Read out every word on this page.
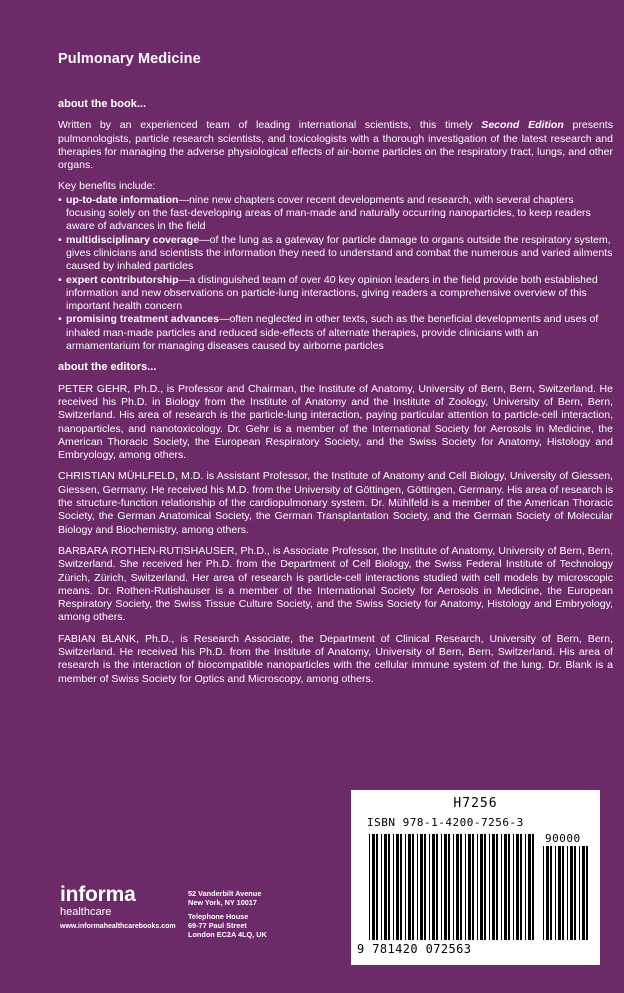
Pulmonary Medicine
about the book...

Written by an experienced team of leading international scientists, this timely Second Edition presents pulmonologists, particle research scientists, and toxicologists with a thorough investigation of the latest research and therapies for managing the adverse physiological effects of air-borne particles on the respiratory tract, lungs, and other organs.

Key benefits include:

• up-to-date information—nine new chapters cover recent developments and research, with several chapters focusing solely on the fast-developing areas of man-made and naturally occurring nanoparticles, to keep readers aware of advances in the field
• multidisciplinary coverage—of the lung as a gateway for particle damage to organs outside the respiratory system, gives clinicians and scientists the information they need to understand and combat the numerous and varied ailments caused by inhaled particles
• expert contributorship—a distinguished team of over 40 key opinion leaders in the field provide both established information and new observations on particle-lung interactions, giving readers a comprehensive overview of this important health concern
• promising treatment advances—often neglected in other texts, such as the beneficial developments and uses of inhaled man-made particles and reduced side-effects of alternate therapies, provide clinicians with an armamentarium for managing diseases caused by airborne particles
about the editors...

PETER GEHR, Ph.D., is Professor and Chairman, the Institute of Anatomy, University of Bern, Bern, Switzerland. He received his Ph.D. in Biology from the Institute of Anatomy and the Institute of Zoology, University of Bern, Bern, Switzerland. His area of research is the particle-lung interaction, paying particular attention to particle-cell interaction, nanoparticles, and nanotoxicology. Dr. Gehr is a member of the International Society for Aerosols in Medicine, the American Thoracic Society, the European Respiratory Society, and the Swiss Society for Anatomy, Histology and Embryology, among others.

CHRISTIAN MÜHLFELD, M.D. is Assistant Professor, the Institute of Anatomy and Cell Biology, University of Giessen, Giessen, Germany. He received his M.D. from the University of Göttingen, Göttingen, Germany. His area of research is the structure-function relationship of the cardiopulmonary system. Dr. Mühlfeld is a member of the American Thoracic Society, the German Anatomical Society, the German Transplantation Society, and the German Society of Molecular Biology and Biochemistry, among others.

BARBARA ROTHEN-RUTISHAUSER, Ph.D., is Associate Professor, the Institute of Anatomy, University of Bern, Bern, Switzerland. She received her Ph.D. from the Department of Cell Biology, the Swiss Federal Institute of Technology Zürich, Zürich, Switzerland. Her area of research is particle-cell interactions studied with cell models by microscopic means. Dr. Rothen-Rutishauser is a member of the International Society for Aerosols in Medicine, the European Respiratory Society, the Swiss Tissue Culture Society, and the Swiss Society for Anatomy, Histology and Embryology, among others.

FABIAN BLANK, Ph.D., is Research Associate, the Department of Clinical Research, University of Bern, Bern, Switzerland. He received his Ph.D. from the Institute of Anatomy, University of Bern, Bern, Switzerland. His area of research is the interaction of biocompatible nanoparticles with the cellular immune system of the lung. Dr. Blank is a member of Swiss Society for Optics and Microscopy, among others.

H7256
ISBN 978-1-4200-7256-3
90000
9 781420 072563
informa
healthcare
www.informahealthcarebooks.com
52 Vanderbilt Avenue
New York, NY 10017
Telephone House
69-77 Paul Street
London EC2A 4LQ, UK
